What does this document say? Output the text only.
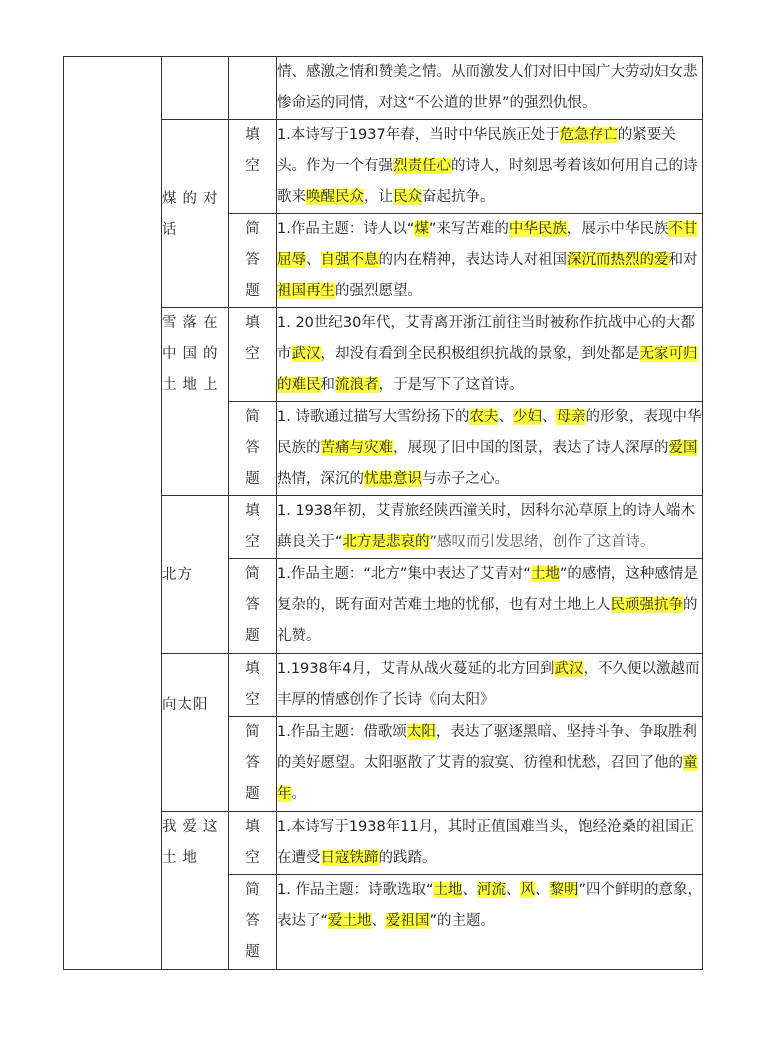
			情、感激之情和赞美之情。从而激发人们对旧中国广大劳动妇女悲惨命运的同情，对这“不公道的世界”的强烈仇恨。
	煤的对话	填空	1.本诗写于1937年春，当时中华民族正处于危急存亡的紧要关头。作为一个有强烈责任心的诗人，时刻思考着该如何用自己的诗歌来唤醒民众，让民众奋起抗争。
		简答题	1.作品主题：诗人以“煤”来写苦难的中华民族，展示中华民族不甘屈辱、自强不息的内在精神，表达诗人对祖国深沉而热烈的爱和对祖国再生的强烈愿望。
	雪落在中国的土地上	填空	1. 20世纪30年代，艾青离开浙江前往当时被称作抗战中心的大都市武汉，却没有看到全民积极组织抗战的景象，到处都是无家可归的难民和流浪者，于是写下了这首诗。
		简答题	1. 诗歌通过描写大雪纷扬下的农夫、少妇、母亲的形象，表现中华民族的苦痛与灾难，展现了旧中国的图景，表达了诗人深厚的爱国热情，深沉的忧患意识与赤子之心。
	北方	填空	1. 1938年初，艾青旅经陕西潼关时，因科尔沁草原上的诗人端木蕻良关于“北方是悲哀的”感叹而引发思绪，创作了这首诗。
		简答题	1.作品主题：“北方”集中表达了艾青对“土地”的感情，这种感情是复杂的，既有面对苦难土地的忧郁，也有对土地上人民顽强抗争的礼赞。
	向太阳	填空	1.1938年4月，艾青从战火蔓延的北方回到武汉，不久便以激越而丰厚的情感创作了长诗《向太阳》
		简答题	1.作品主题：借歌颂太阳，表达了驱逐黑暗、坚持斗争、争取胜利的美好愿望。太阳驱散了艾青的寂寞、彷徨和忧愁，召回了他的童年。
	我爱这土地	填空	1.本诗写于1938年11月，其时正值国难当头，饱经沧桑的祖国正在遭受日寇铁蹄的践踏。
		简答题	1. 作品主题：诗歌选取“土地、河流、风、黎明”四个鲜明的意象，表达了“爱土地、爱祖国”的主题。
